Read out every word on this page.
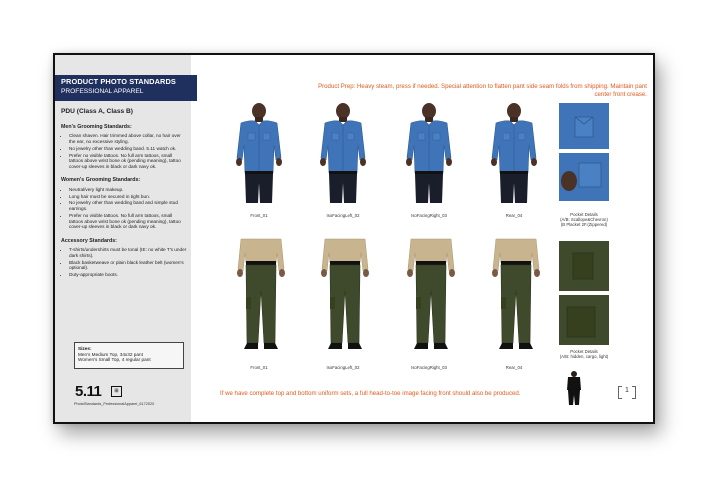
PDU (Class A, Class B)
Men's Grooming Standards:
• Clean shaven. Hair trimmed above collar, no hair over the ear, no excessive styling.
• No jewelry other than wedding band. 5.11 watch ok.
• Prefer no visible tattoos. No full arm tattoos, small tattoos above wrist bone ok (pending meaning), tattoo cover-up sleeves in black or dark navy ok.
Women's Grooming Standards:
• Neutral/very light makeup.
• Long hair must be secured in tight bun.
• No jewelry other than wedding band and simple stud earrings.
• Prefer no visible tattoos. No full arm tattoos, small tattoos above wrist bone ok (pending meaning), tattoo cover-up sleeves in black or dark navy ok.
Accessory Standards:
• T-shirts/undershirts must be tonal (IE: no white T's under dark shirts).
• Black basketweave or plain black leather belt (women's optional).
• Duty-appropriate boots.
Sizes:
Men's Medium Top, 34x32 pant
Women's Small Top, 4 regular pant
5.11	⊞
PhotoStandards_ProfessionalApparel_6172020
PRODUCT PHOTO STANDARDS
PROFESSIONAL APPAREL
Product Prep: Heavy steam, press if needed. Special attention to flatten pant side seam folds from shipping. Maintain pant center front crease.
Front_01	IsoFacingLeft_02	IsoFacingRight_03	Rear_04	Pocket Details
(A/B: Scallope&Chevron)
(B Placket 2F.(Zippered)
Front_01	IsoFacingLeft_02	IsoFacingRight_03	Rear_04
Pocket Details
(A/B: hidden, cargo, light)
If we have complete top and bottom uniform sets, a full head-to-toe image facing front should also be produced.	1
